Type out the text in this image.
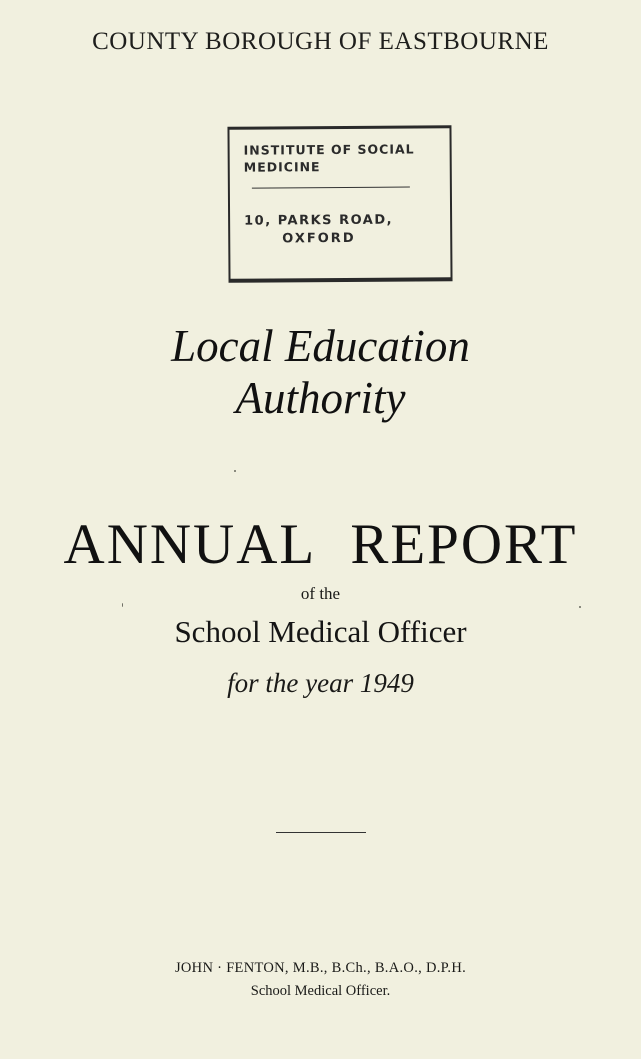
COUNTY BOROUGH OF EASTBOURNE
INSTITUTE OF SOCIAL
MEDICINE
10, PARKS ROAD,
OXFORD
Local Education
Authority
ANNUAL REPORT
of the
School Medical Officer
for the year 1949
JOHN · FENTON, M.B., B.Ch., B.A.O., D.P.H.
School Medical Officer.
